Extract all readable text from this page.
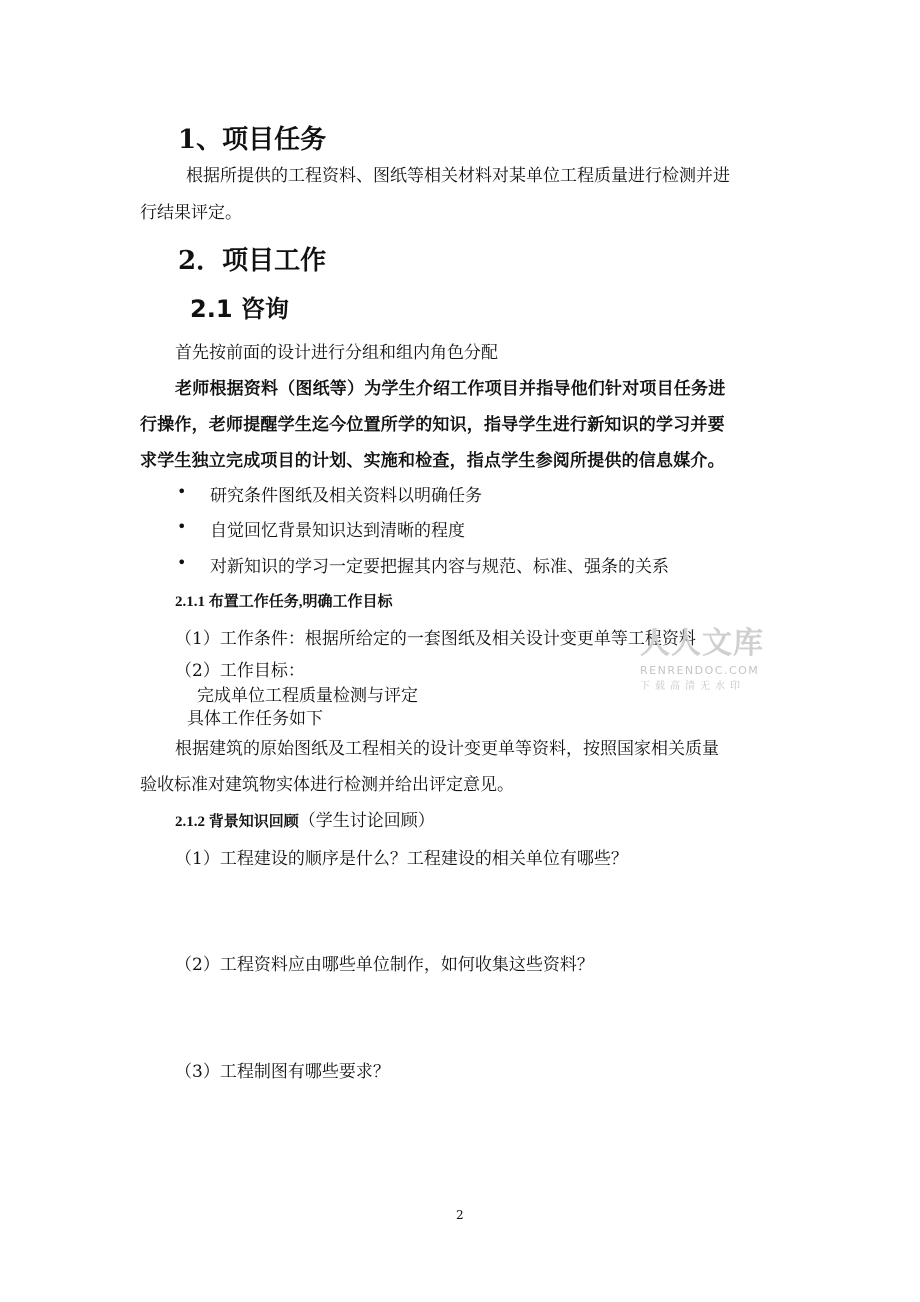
1、项目任务
根据所提供的工程资料、图纸等相关材料对某单位工程质量进行检测并进
行结果评定。
2．项目工作
2.1 咨询
首先按前面的设计进行分组和组内角色分配
老师根据资料（图纸等）为学生介绍工作项目并指导他们针对项目任务进
行操作，老师提醒学生迄今位置所学的知识，指导学生进行新知识的学习并要
求学生独立完成项目的计划、实施和检查，指点学生参阅所提供的信息媒介。
• 研究条件图纸及相关资料以明确任务
• 自觉回忆背景知识达到清晰的程度
• 对新知识的学习一定要把握其内容与规范、标准、强条的关系
2.1.1 布置工作任务,明确工作目标
（1）工作条件：根据所给定的一套图纸及相关设计变更单等工程资料
（2）工作目标：
完成单位工程质量检测与评定
具体工作任务如下
根据建筑的原始图纸及工程相关的设计变更单等资料，按照国家相关质量
验收标准对建筑物实体进行检测并给出评定意见。
2.1.2 背景知识回顾（学生讨论回顾）
（1）工程建设的顺序是什么？工程建设的相关单位有哪些？
（2）工程资料应由哪些单位制作，如何收集这些资料？
（3）工程制图有哪些要求？
人人文库
RENRENDOC.COM
下载高清无水印
2
